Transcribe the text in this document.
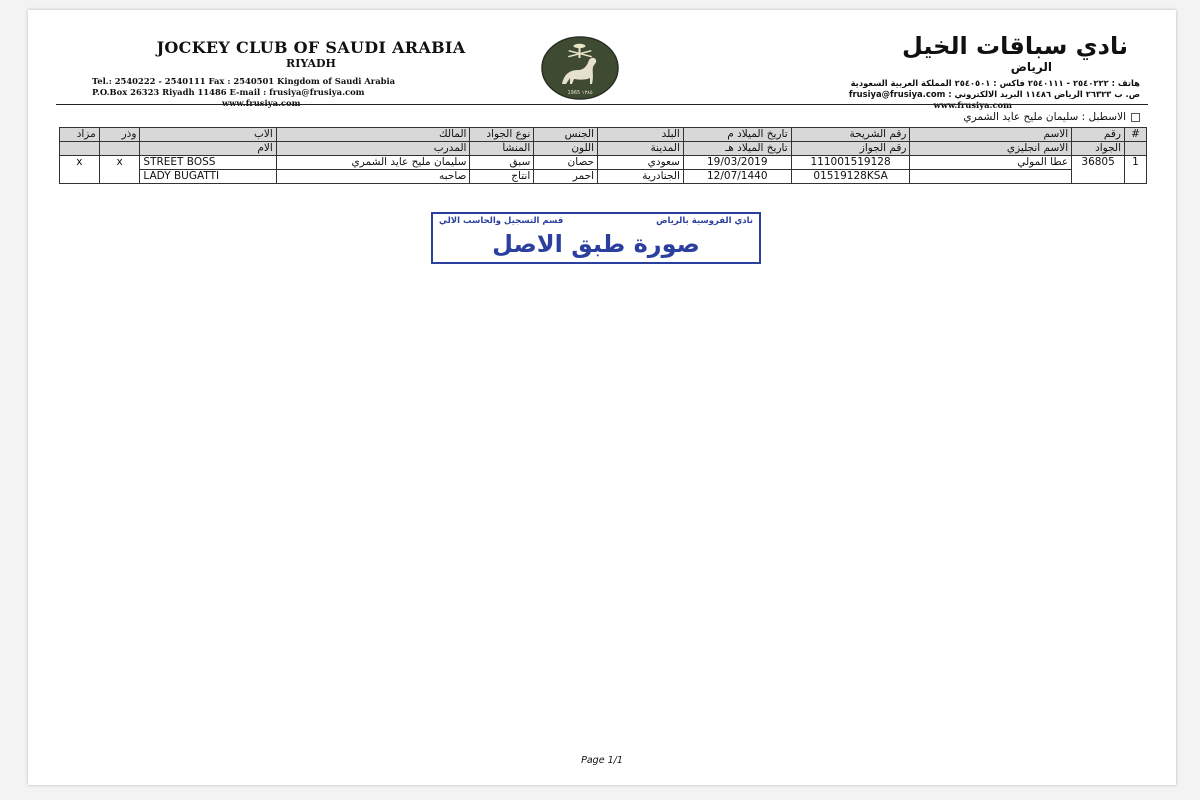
JOCKEY CLUB OF SAUDI ARABIA
RIYADH
Tel.: 2540222 - 2540111 Fax : 2540501 Kingdom of Saudi Arabia
P.O.Box 26323 Riyadh 11486 E-mail : frusiya@frusiya.com
www.frusiya.com
1965 ١٣٨٥
نادي سباقات الخيل
الرياض
هاتف : ٢٥٤٠٢٢٢ - ٢٥٤٠١١١ فاكس : ٢٥٤٠٥٠١ المملكة العربية السعودية
ص. ب ٢٦٣٢٣ الرياض ١١٤٨٦ البريد الالكتروني : frusiya@frusiya.com
www.frusiya.com
الاسطبل : سليمان مليح عايد الشمري
#	رقم	الاسم	رقم الشريحة	تاريخ الميلاد م	البلد	الجنس	نوع الجواد	المالك	الاب	وذر	مزاد
	الجواد	الاسم انجليزي	رقم الجواز	تاريخ الميلاد هـ	المدينة	اللون	المنشأ	المدرب	الام		
1	36805	عطا المولي	111001519128	19/03/2019	سعودي	حصان	سبق	سليمان مليح عايد الشمري	STREET BOSS	x	x
			01519128KSA	12/07/1440	الجنادرية	احمر	انتاج	صاحبه	LADY BUGATTI		
نادي الفروسية بالرياض
قسم التسجيل والحاسب الالي
صورة طبق الاصل
Page 1/1
